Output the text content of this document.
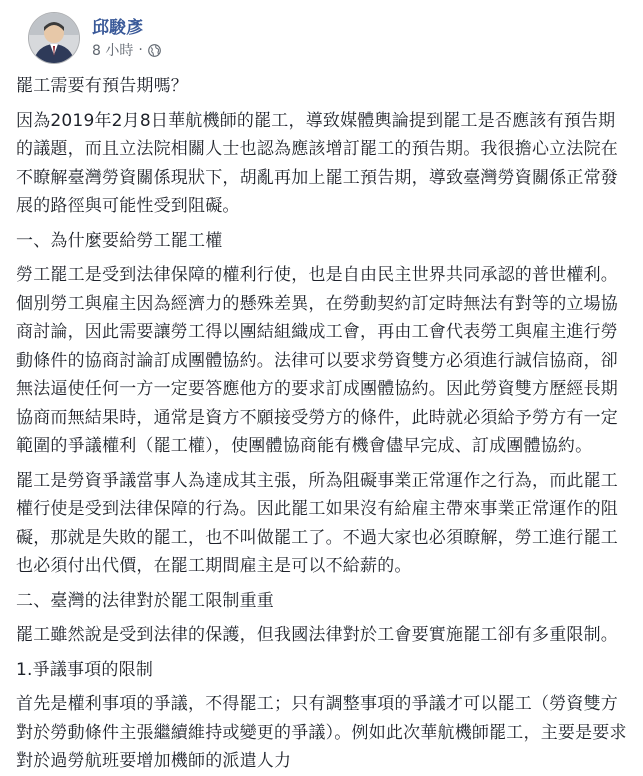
邱駿彥
8 小時 ·

罷工需要有預告期嗎？

因為2019年2月8日華航機師的罷工，導致媒體輿論提到罷工是否應該有預告期的議題，而且立法院相關人士也認為應該增訂罷工的預告期。我很擔心立法院在不瞭解臺灣勞資關係現狀下，胡亂再加上罷工預告期，導致臺灣勞資關係正常發展的路徑與可能性受到阻礙。

一、為什麼要給勞工罷工權

勞工罷工是受到法律保障的權利行使，也是自由民主世界共同承認的普世權利。個別勞工與雇主因為經濟力的懸殊差異，在勞動契約訂定時無法有對等的立場協商討論，因此需要讓勞工得以團結組織成工會，再由工會代表勞工與雇主進行勞動條件的協商討論訂成團體協約。法律可以要求勞資雙方必須進行誠信協商，卻無法逼使任何一方一定要答應他方的要求訂成團體協約。因此勞資雙方歷經長期協商而無結果時，通常是資方不願接受勞方的條件，此時就必須給予勞方有一定範圍的爭議權利（罷工權），使團體協商能有機會儘早完成、訂成團體協約。

罷工是勞資爭議當事人為達成其主張，所為阻礙事業正常運作之行為，而此罷工權行使是受到法律保障的行為。因此罷工如果沒有給雇主帶來事業正常運作的阻礙，那就是失敗的罷工，也不叫做罷工了。不過大家也必須瞭解，勞工進行罷工也必須付出代價，在罷工期間雇主是可以不給薪的。

二、臺灣的法律對於罷工限制重重

罷工雖然說是受到法律的保護，但我國法律對於工會要實施罷工卻有多重限制。

1.爭議事項的限制

首先是權利事項的爭議，不得罷工；只有調整事項的爭議才可以罷工（勞資雙方對於勞動條件主張繼續維持或變更的爭議）。例如此次華航機師罷工，主要是要求對於過勞航班要增加機師的派遣人力
